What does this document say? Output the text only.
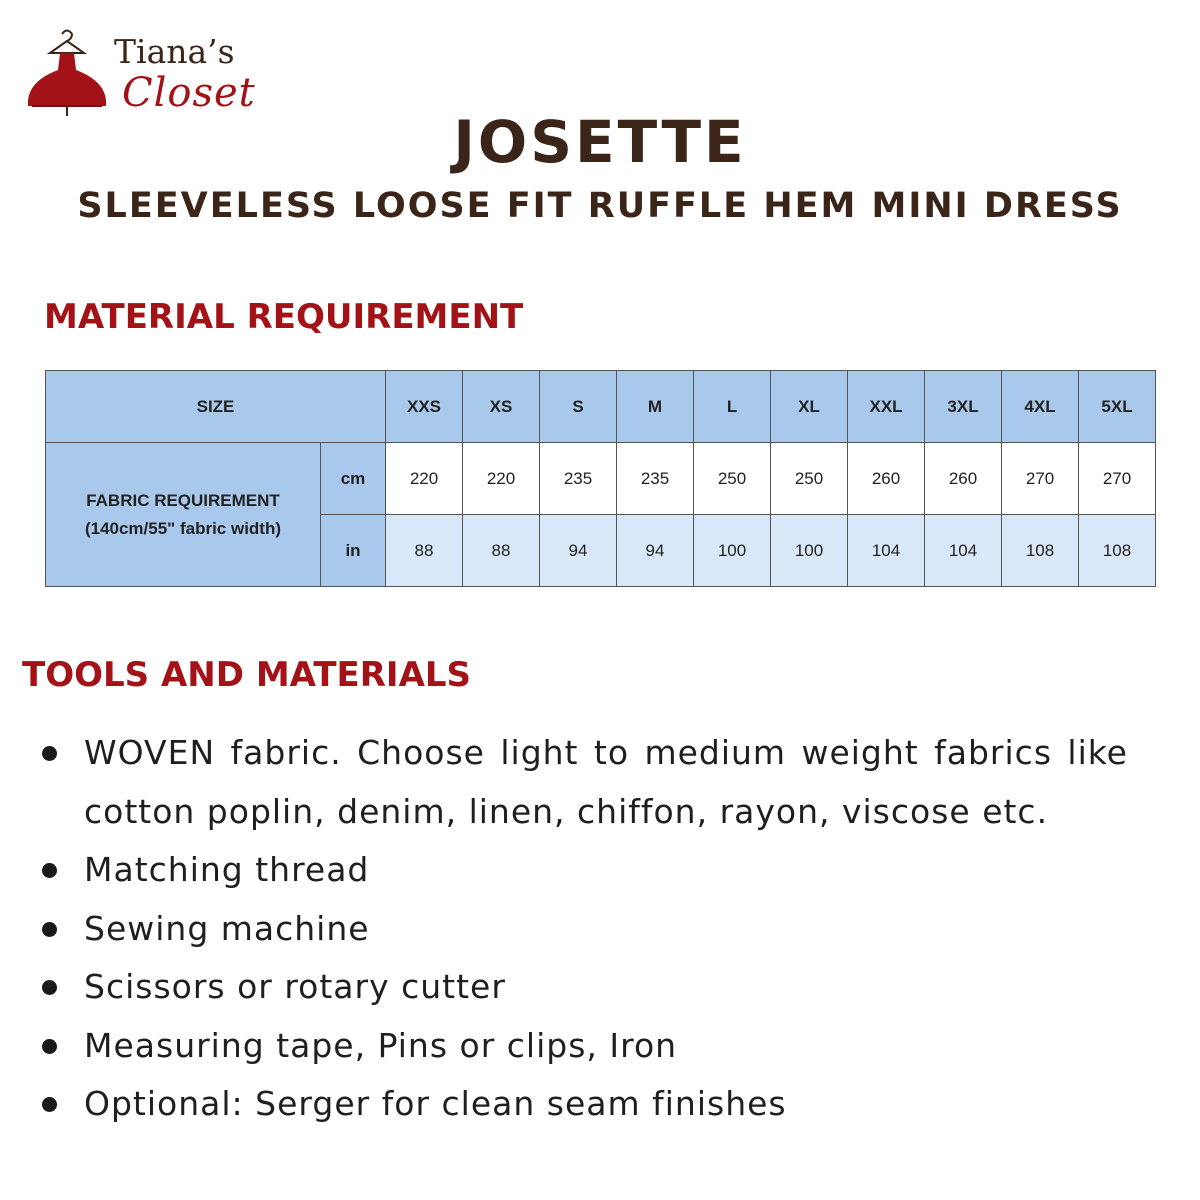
Tiana’s
Closet
JOSETTE
SLEEVELESS LOOSE FIT RUFFLE HEM MINI DRESS
MATERIAL REQUIREMENT
SIZE		XXS	XS	S	M	L	XL	XXL	3XL	4XL	5XL
FABRIC REQUIREMENT
(140cm/55" fabric width)	cm	220	220	235	235	250	250	260	260	270	270
	in	88	88	94	94	100	100	104	104	108	108
TOOLS AND MATERIALS
WOVEN fabric. Choose light to medium weight fabrics like cotton poplin, denim, linen, chiffon, rayon, viscose etc.
Matching thread
Sewing machine
Scissors or rotary cutter
Measuring tape, Pins or clips, Iron
Optional: Serger for clean seam finishes
